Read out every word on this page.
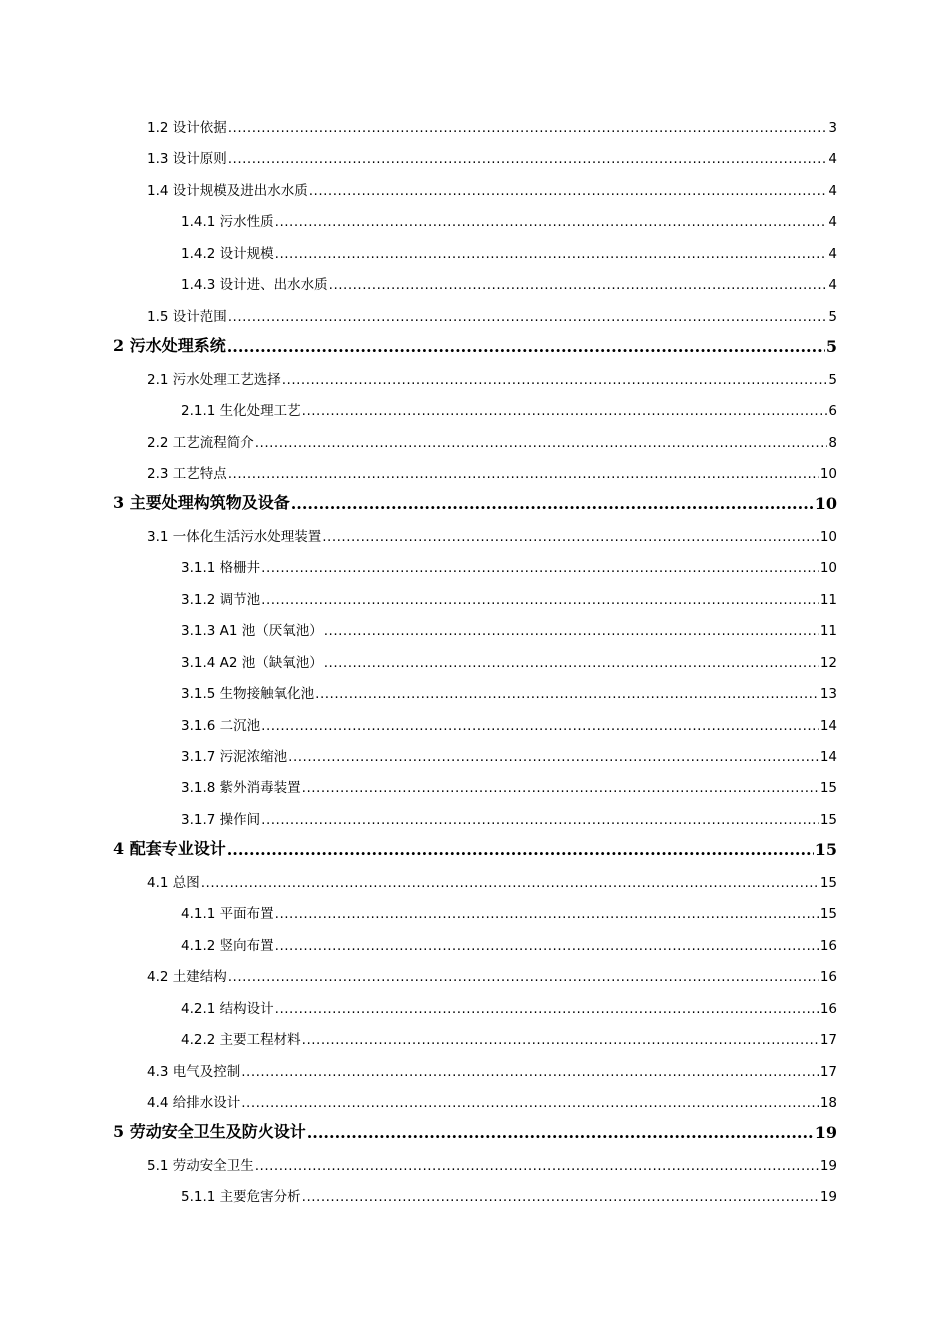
1.2 设计依据 .....	3
1.3 设计原则 .....	4
1.4 设计规模及进出水水质 .....	4
1.4.1 污水性质 .....	4
1.4.2 设计规模 .....	4
1.4.3 设计进、出水水质 .....	4
1.5 设计范围 .....	5
2 污水处理系统 .....	5
2.1 污水处理工艺选择 .....	5
2.1.1 生化处理工艺 .....	6
2.2 工艺流程简介 .....	8
2.3 工艺特点 .....	10
3 主要处理构筑物及设备 .....	10
3.1 一体化生活污水处理装置 .....	10
3.1.1 格栅井 .....	10
3.1.2 调节池 .....	11
3.1.3 A1 池（厌氧池） .....	11
3.1.4 A2 池（缺氧池） .....	12
3.1.5 生物接触氧化池 .....	13
3.1.6 二沉池 .....	14
3.1.7 污泥浓缩池 .....	14
3.1.8 紫外消毒装置 .....	15
3.1.7 操作间 .....	15
4 配套专业设计 .....	15
4.1 总图 .....	15
4.1.1 平面布置 .....	15
4.1.2 竖向布置 .....	16
4.2 土建结构 .....	16
4.2.1 结构设计 .....	16
4.2.2 主要工程材料 .....	17
4.3 电气及控制 .....	17
4.4 给排水设计 .....	18
5 劳动安全卫生及防火设计 .....	19
5.1 劳动安全卫生 .....	19
5.1.1 主要危害分析 .....	19
